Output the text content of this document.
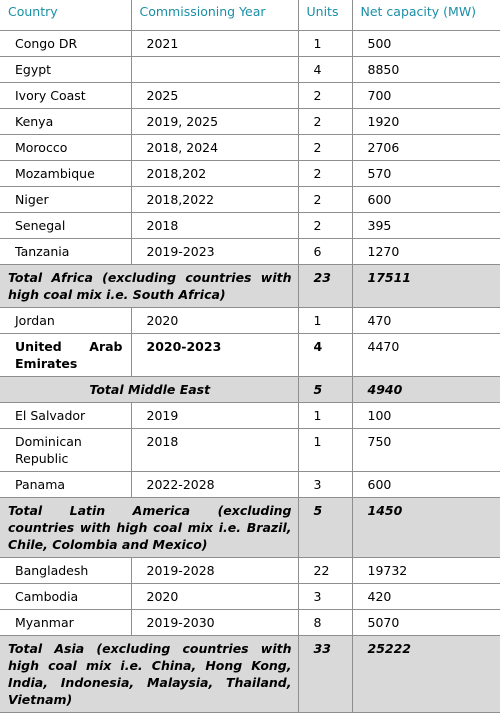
Country	Commissioning Year	Units	Net capacity (MW)
Congo DR	2021	1	500
Egypt		4	8850
Ivory Coast	2025	2	700
Kenya	2019, 2025	2	1920
Morocco	2018, 2024	2	2706
Mozambique	2018,202	2	570
Niger	2018,2022	2	600
Senegal	2018	2	395
Tanzania	2019-2023	6	1270
Total Africa (excluding countries with high coal mix i.e. South Africa)		23	17511
Jordan	2020	1	470
United Arab Emirates	2020-2023	4	4470
Total Middle East		5	4940
El Salvador	2019	1	100
Dominican Republic	2018	1	750
Panama	2022-2028	3	600
Total Latin America (excluding countries with high coal mix i.e. Brazil, Chile, Colombia and Mexico)		5	1450
Bangladesh	2019-2028	22	19732
Cambodia	2020	3	420
Myanmar	2019-2030	8	5070
Total Asia (excluding countries with high coal mix i.e. China, Hong Kong, India, Indonesia, Malaysia, Thailand, Vietnam)		33	25222
